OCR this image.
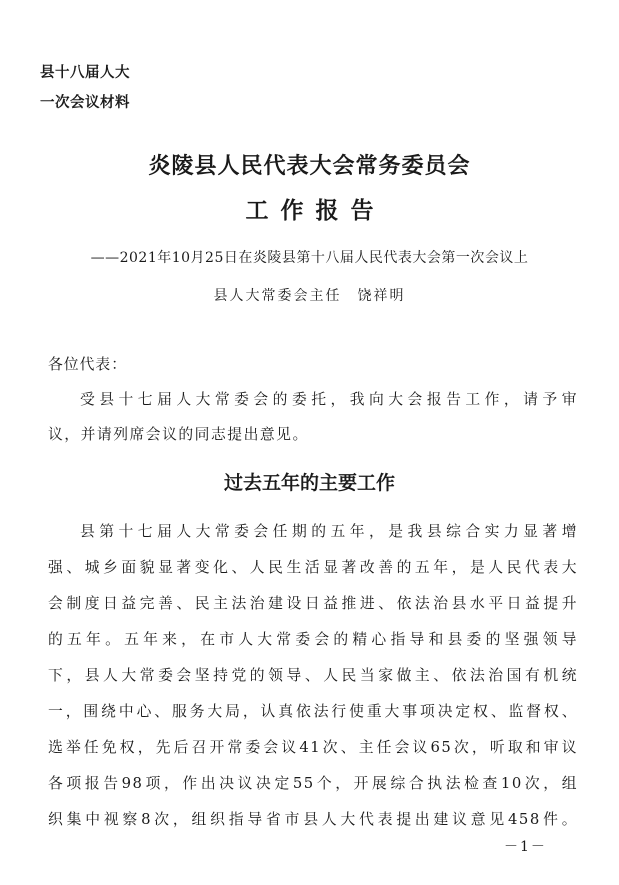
县十八届人大
一次会议材料
炎陵县人民代表大会常务委员会
工作报告
——2021年10月25日在炎陵县第十八届人民代表大会第一次会议上
县人大常委会主任　饶祥明
各位代表：
受县十七届人大常委会的委托，我向大会报告工作，请予审
议，并请列席会议的同志提出意见。
过去五年的主要工作
县第十七届人大常委会任期的五年，是我县综合实力显著增
强、城乡面貌显著变化、人民生活显著改善的五年，是人民代表大
会制度日益完善、民主法治建设日益推进、依法治县水平日益提升
的五年。五年来，在市人大常委会的精心指导和县委的坚强领导
下，县人大常委会坚持党的领导、人民当家做主、依法治国有机统
一，围绕中心、服务大局，认真依法行使重大事项决定权、监督权、
选举任免权，先后召开常委会议41次、主任会议65次，听取和审议
各项报告98项，作出决议决定55个，开展综合执法检查10次，组
织集中视察8次，组织指导省市县人大代表提出建议意见458件。
－1－
